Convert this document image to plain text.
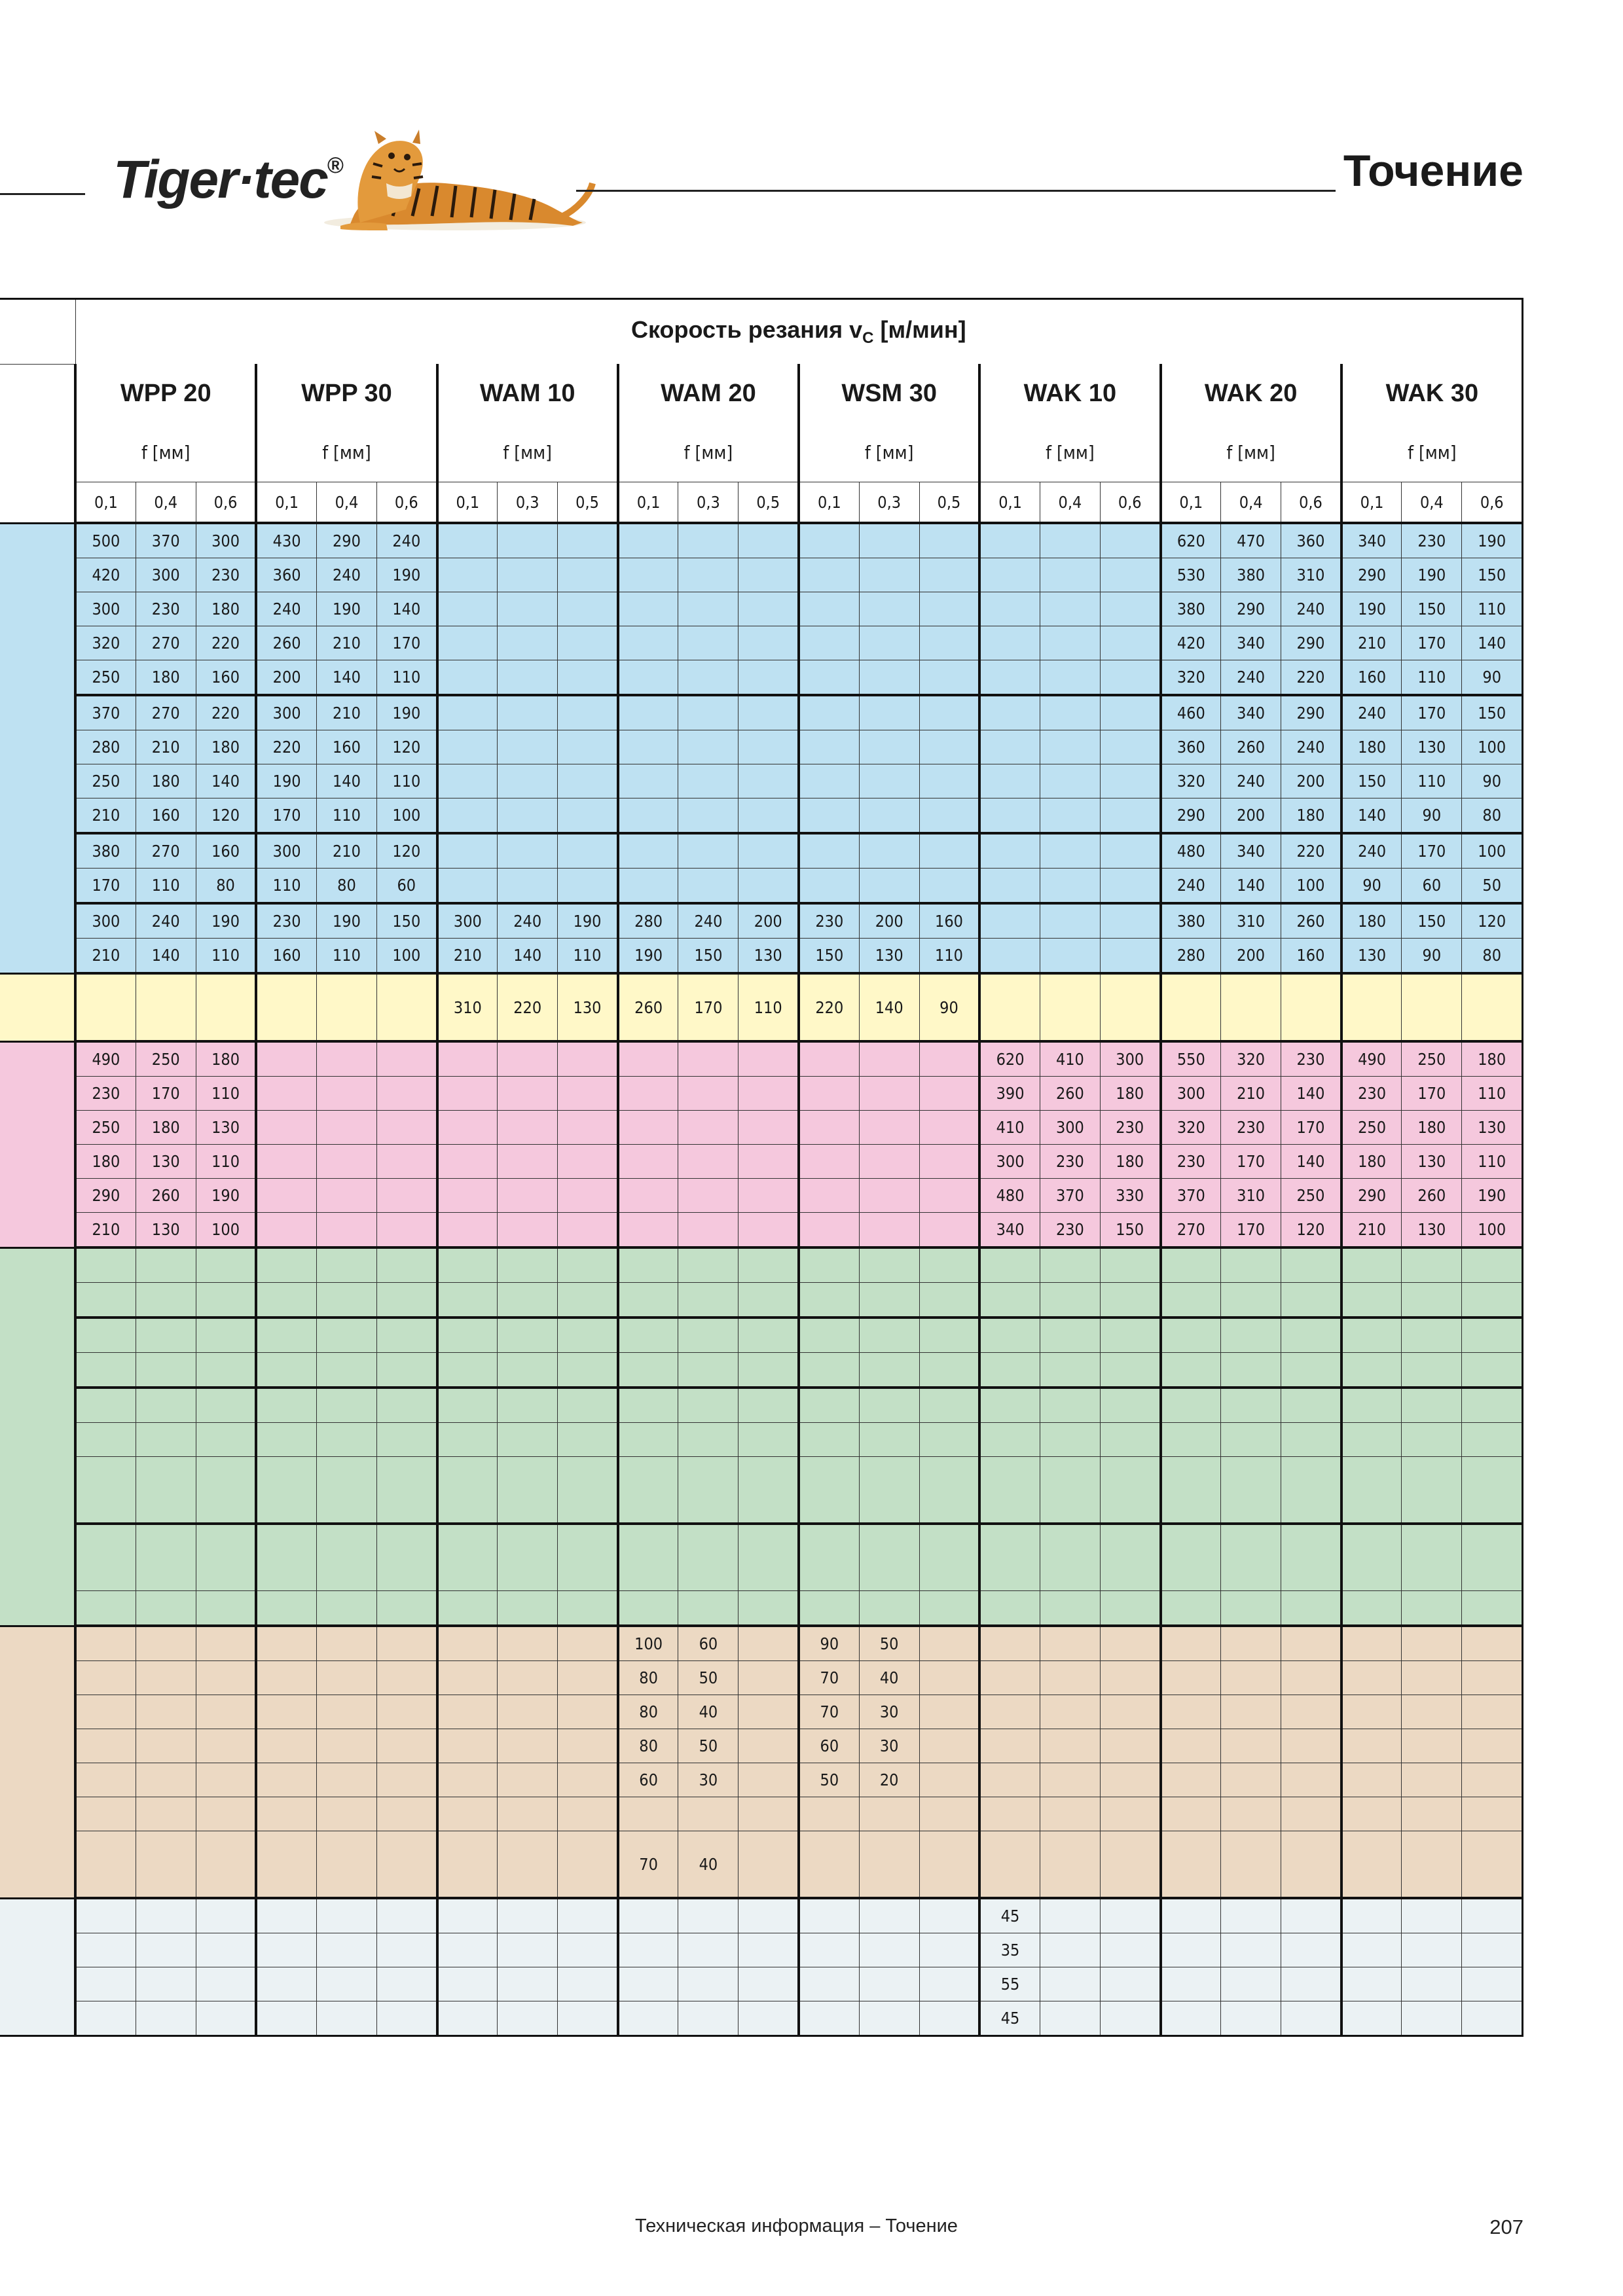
Tiger·tec®	Точение
	Скорость резания $v_C$ [м/мин]																							
	WPP 20			WPP 30			WAM 10			WAM 20			WSM 30			WAK 10			WAK 20			WAK 30		
	f [мм]			f [мм]			f [мм]			f [мм]			f [мм]			f [мм]			f [мм]			f [мм]		
	0,1	0,4	0,6	0,1	0,4	0,6	0,1	0,3	0,5	0,1	0,3	0,5	0,1	0,3	0,5	0,1	0,4	0,6	0,1	0,4	0,6	0,1	0,4	0,6
	500	370	300	430	290	240													620	470	360	340	230	190
	420	300	230	360	240	190													530	380	310	290	190	150
	300	230	180	240	190	140													380	290	240	190	150	110
	320	270	220	260	210	170													420	340	290	210	170	140
	250	180	160	200	140	110													320	240	220	160	110	90
	370	270	220	300	210	190													460	340	290	240	170	150
	280	210	180	220	160	120													360	260	240	180	130	100
	250	180	140	190	140	110													320	240	200	150	110	90
	210	160	120	170	110	100													290	200	180	140	90	80
	380	270	160	300	210	120													480	340	220	240	170	100
	170	110	80	110	80	60													240	140	100	90	60	50
	300	240	190	230	190	150	300	240	190	280	240	200	230	200	160				380	310	260	180	150	120
	210	140	110	160	110	100	210	140	110	190	150	130	150	130	110				280	200	160	130	90	80
							310	220	130	260	170	110	220	140	90									
	490	250	180													620	410	300	550	320	230	490	250	180
	230	170	110													390	260	180	300	210	140	230	170	110
	250	180	130													410	300	230	320	230	170	250	180	130
	180	130	110													300	230	180	230	170	140	180	130	110
	290	260	190													480	370	330	370	310	250	290	260	190
	210	130	100													340	230	150	270	170	120	210	130	100

										100	60		90	50										
										80	50		70	40										
										80	40		70	30										
										80	50		60	30										
										60	30		50	20										

										70	40													
																45								
																35								
																55								
																45								
Техническая информация – Точение	207
